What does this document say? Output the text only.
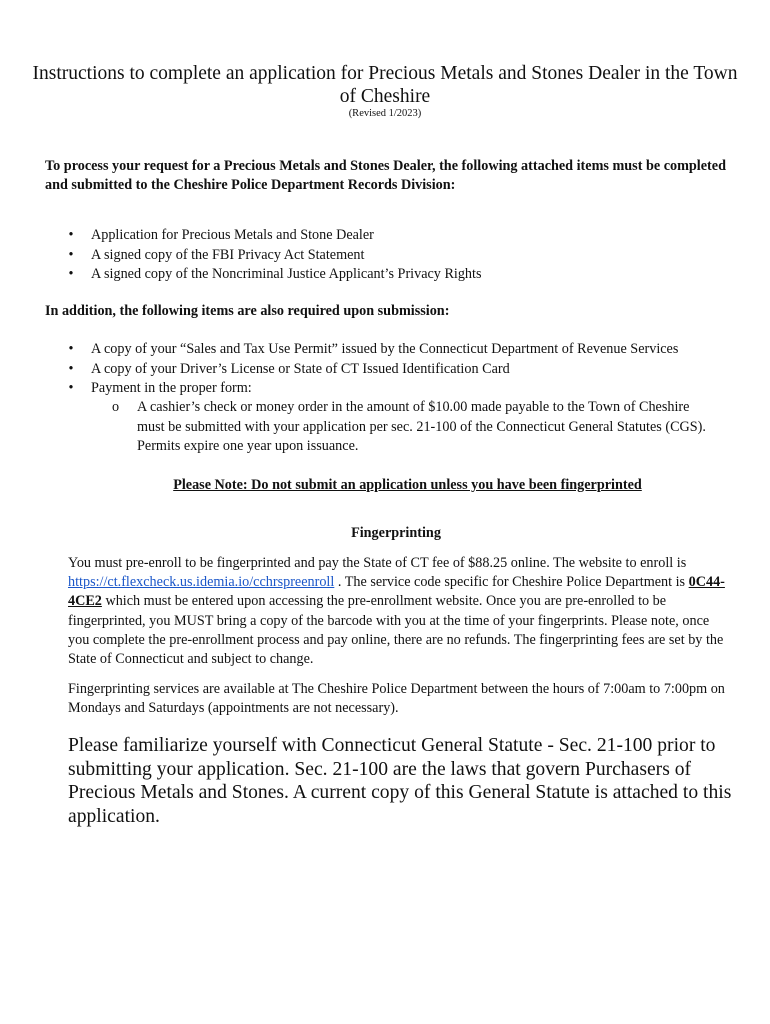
Instructions to complete an application for Precious Metals and Stones Dealer in the Town of Cheshire
(Revised 1/2023)
To process your request for a Precious Metals and Stones Dealer, the following attached items must be completed and submitted to the Cheshire Police Department Records Division:
• Application for Precious Metals and Stone Dealer
• A signed copy of the FBI Privacy Act Statement
• A signed copy of the Noncriminal Justice Applicant’s Privacy Rights
In addition, the following items are also required upon submission:
• A copy of your “Sales and Tax Use Permit” issued by the Connecticut Department of Revenue Services
• A copy of your Driver’s License or State of CT Issued Identification Card
• Payment in the proper form:
o A cashier’s check or money order in the amount of $10.00 made payable to the Town of Cheshire must be submitted with your application per sec. 21-100 of the Connecticut General Statutes (CGS). Permits expire one year upon issuance.
Please Note: Do not submit an application unless you have been fingerprinted
Fingerprinting
You must pre-enroll to be fingerprinted and pay the State of CT fee of $88.25 online. The website to enroll is https://ct.flexcheck.us.idemia.io/cchrspreenroll . The service code specific for Cheshire Police Department is 0C44-4CE2 which must be entered upon accessing the pre-enrollment website. Once you are pre-enrolled to be fingerprinted, you MUST bring a copy of the barcode with you at the time of your fingerprints. Please note, once you complete the pre-enrollment process and pay online, there are no refunds. The fingerprinting fees are set by the State of Connecticut and subject to change.
Fingerprinting services are available at The Cheshire Police Department between the hours of 7:00am to 7:00pm on Mondays and Saturdays (appointments are not necessary).
Please familiarize yourself with Connecticut General Statute - Sec. 21-100 prior to submitting your application. Sec. 21-100 are the laws that govern Purchasers of Precious Metals and Stones. A current copy of this General Statute is attached to this application.
